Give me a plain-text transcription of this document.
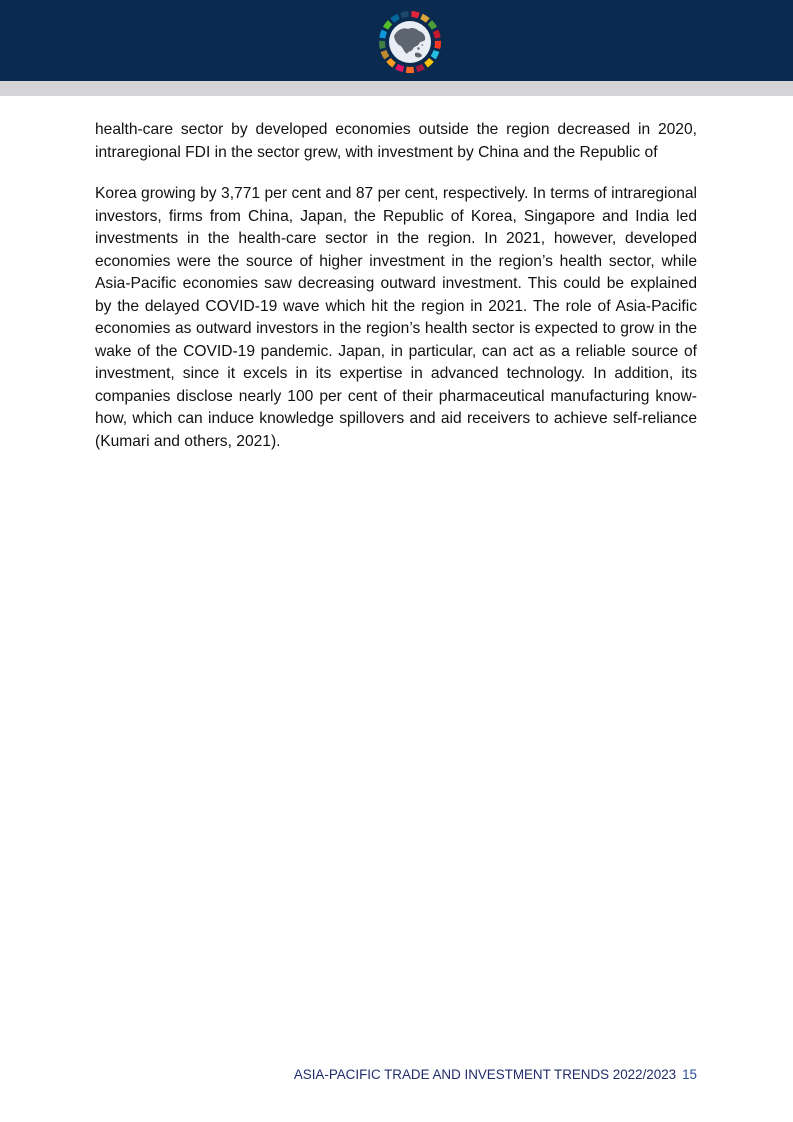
health-care sector by developed economies outside the region decreased in 2020, intraregional FDI in the sector grew, with investment by China and the Republic of

Korea growing by 3,771 per cent and 87 per cent, respectively. In terms of intraregional investors, firms from China, Japan, the Republic of Korea, Singapore and India led investments in the health-care sector in the region. In 2021, however, developed economies were the source of higher investment in the region’s health sector, while Asia-Pacific economies saw decreasing outward investment. This could be explained by the delayed COVID-19 wave which hit the region in 2021. The role of Asia-Pacific economies as outward investors in the region’s health sector is expected to grow in the wake of the COVID-19 pandemic. Japan, in particular, can act as a reliable source of investment, since it excels in its expertise in advanced technology. In addition, its companies disclose nearly 100 per cent of their pharmaceutical manufacturing know-how, which can induce knowledge spillovers and aid receivers to achieve self-reliance (Kumari and others, 2021).

ASIA-PACIFIC TRADE AND INVESTMENT TRENDS 2022/2023 15
